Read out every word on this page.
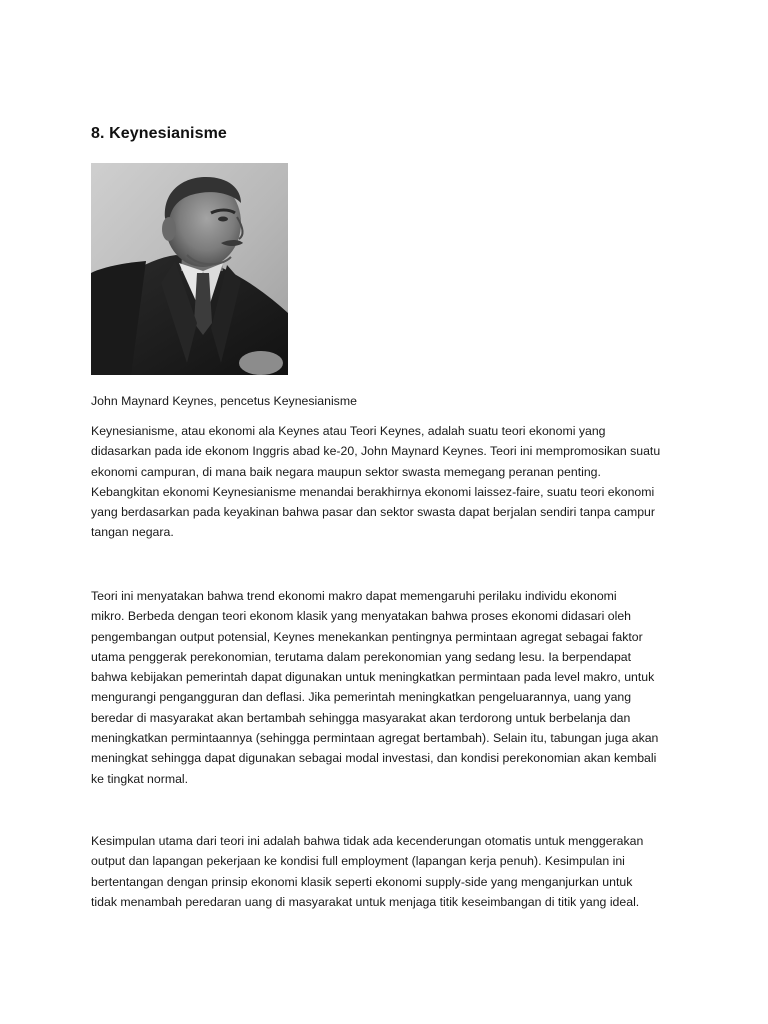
8. Keynesianisme

John Maynard Keynes, pencetus Keynesianisme

Keynesianisme, atau ekonomi ala Keynes atau Teori Keynes, adalah suatu teori ekonomi yang
didasarkan pada ide ekonom Inggris abad ke-20, John Maynard Keynes. Teori ini mempromosikan suatu
ekonomi campuran, di mana baik negara maupun sektor swasta memegang peranan penting.
Kebangkitan ekonomi Keynesianisme menandai berakhirnya ekonomi laissez-faire, suatu teori ekonomi
yang berdasarkan pada keyakinan bahwa pasar dan sektor swasta dapat berjalan sendiri tanpa campur
tangan negara.

Teori ini menyatakan bahwa trend ekonomi makro dapat memengaruhi perilaku individu ekonomi
mikro. Berbeda dengan teori ekonom klasik yang menyatakan bahwa proses ekonomi didasari oleh
pengembangan output potensial, Keynes menekankan pentingnya permintaan agregat sebagai faktor
utama penggerak perekonomian, terutama dalam perekonomian yang sedang lesu. Ia berpendapat
bahwa kebijakan pemerintah dapat digunakan untuk meningkatkan permintaan pada level makro, untuk
mengurangi pengangguran dan deflasi. Jika pemerintah meningkatkan pengeluarannya, uang yang
beredar di masyarakat akan bertambah sehingga masyarakat akan terdorong untuk berbelanja dan
meningkatkan permintaannya (sehingga permintaan agregat bertambah). Selain itu, tabungan juga akan
meningkat sehingga dapat digunakan sebagai modal investasi, dan kondisi perekonomian akan kembali
ke tingkat normal.

Kesimpulan utama dari teori ini adalah bahwa tidak ada kecenderungan otomatis untuk menggerakan
output dan lapangan pekerjaan ke kondisi full employment (lapangan kerja penuh). Kesimpulan ini
bertentangan dengan prinsip ekonomi klasik seperti ekonomi supply-side yang menganjurkan untuk
tidak menambah peredaran uang di masyarakat untuk menjaga titik keseimbangan di titik yang ideal.
